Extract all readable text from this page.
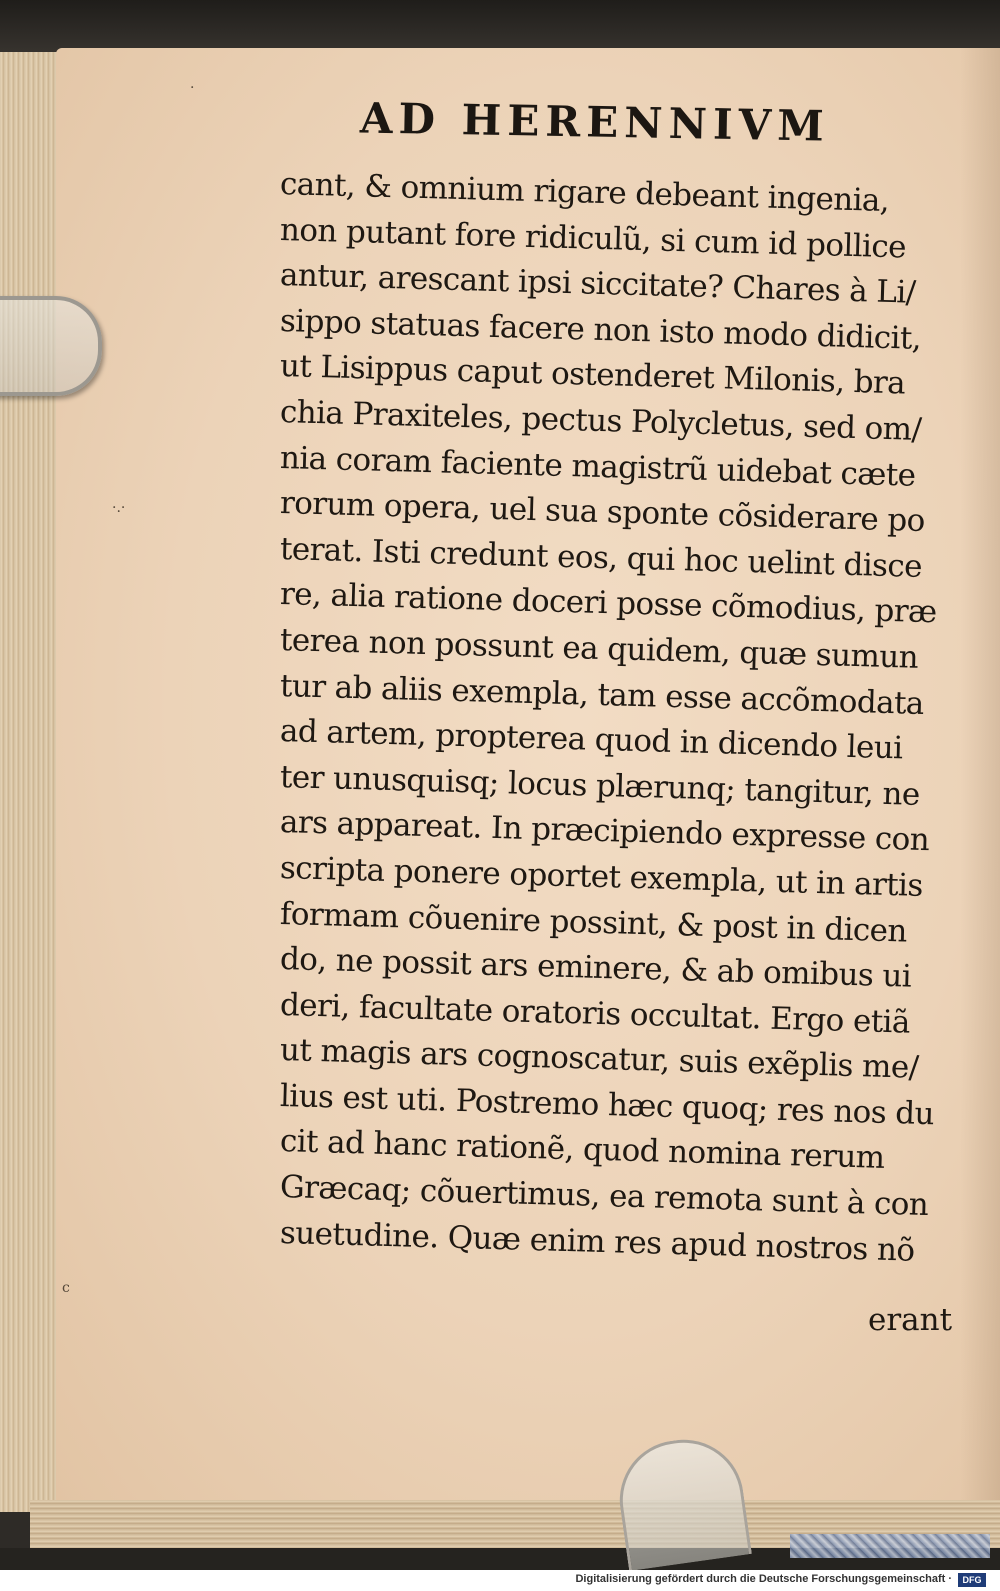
·
·.·
c
AD HERENNIVM
cant, & omnium rigare debeant ingenia,
non putant fore ridiculũ, si cum id pollice
antur, arescant ipsi siccitate? Chares à Li/
sippo statuas facere non isto modo didicit,
ut Lisippus caput ostenderet Milonis, bra
chia Praxiteles, pectus Polycletus, sed om/
nia coram faciente magistrũ uidebat cæte
rorum opera, uel sua sponte cõsiderare po
terat. Isti credunt eos, qui hoc uelint disce
re, alia ratione doceri posse cõmodius, præ
terea non possunt ea quidem, quæ sumun
tur ab aliis exempla, tam esse accõmodata
ad artem, propterea quod in dicendo leui
ter unusquisq; locus plærunq; tangitur, ne
ars appareat. In præcipiendo expresse con
scripta ponere oportet exempla, ut in artis
formam cõuenire possint, & post in dicen
do, ne possit ars eminere, & ab omibus ui
deri, facultate oratoris occultat. Ergo etiã
ut magis ars cognoscatur, suis exẽplis me/
lius est uti. Postremo hæc quoq; res nos du
cit ad hanc rationẽ, quod nomina rerum
Græcaq; cõuertimus, ea remota sunt à con
suetudine. Quæ enim res apud nostros nõ
erant
Digitalisierung gefördert durch die Deutsche Forschungsgemeinschaft ·	DFG
